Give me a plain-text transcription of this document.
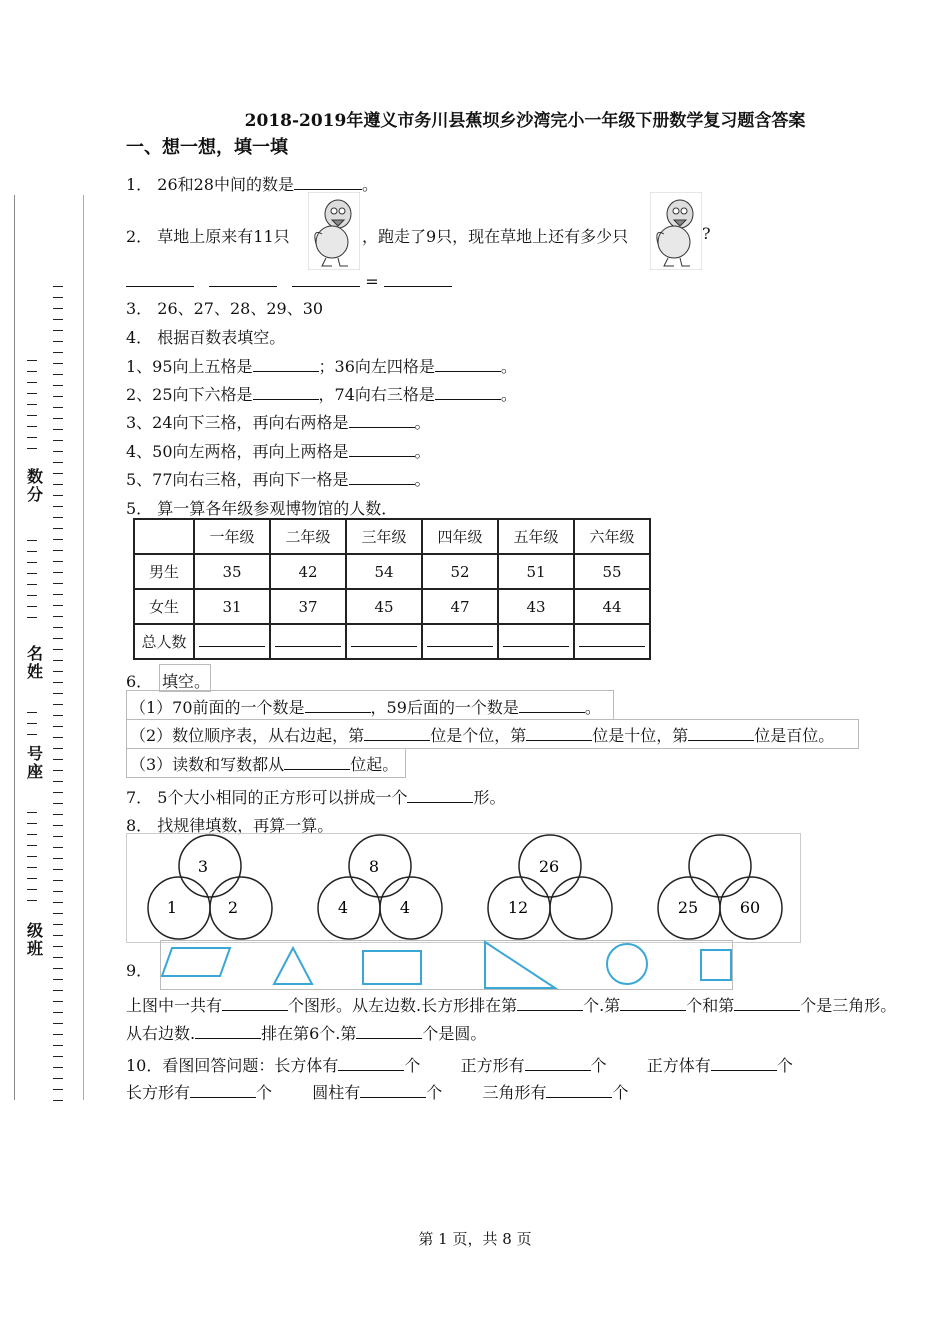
数分
名姓
号座
级班
2018-2019年遵义市务川县蕉坝乡沙湾完小一年级下册数学复习题含答案
一、想一想，填一填
1． 26和28中间的数是	。
2． 草地上原来有11只	，跑走了9只，现在草地上还有多少只	?
=
3． 26、27、28、29、30
4． 根据百数表填空。
1、95向上五格是	；36向左四格是	。
2、25向下六格是	，74向右三格是	。
3、24向下三格，再向右两格是	。
4、50向左两格，再向上两格是	。
5、77向右三格，再向下一格是	。
5． 算一算各年级参观博物馆的人数．
	一年级	二年级	三年级	四年级	五年级	六年级
男生	35	42	54	52	51	55
女生	31	37	45	47	43	44
总人数						
6． 填空。
（1）70前面的一个数是	，59后面的一个数是	。
（2）数位顺序表，从右边起，第	位是个位，第	位是十位，第	位是百位。
（3）读数和写数都从	位起。
7． 5个大小相同的正方形可以拼成一个	形。
8． 找规律填数，再算一算。
3
1	2
8
4	4
26
12	25	60
9．
上图中一共有	个图形。从左边数.长方形排在第	个.第	个和第	个是三角形。
从右边数.	排在第6个.第	个是圆。
10．看图回答问题：长方体有	个	正方形有	个	正方体有	个
长方形有	个	圆柱有	个	三角形有	个
第 1 页，共 8 页
